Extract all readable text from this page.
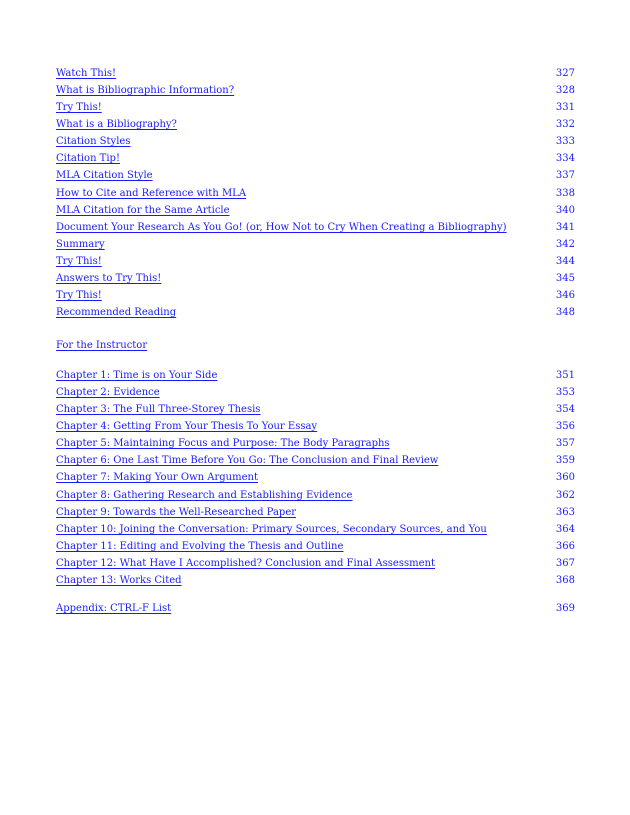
Watch This!	327
What is Bibliographic Information?	328
Try This!	331
What is a Bibliography?	332
Citation Styles	333
Citation Tip!	334
MLA Citation Style	337
How to Cite and Reference with MLA	338
MLA Citation for the Same Article	340
Document Your Research As You Go! (or, How Not to Cry When Creating a Bibliography)	341
Summary	342
Try This!	344
Answers to Try This!	345
Try This!	346
Recommended Reading	348
For the Instructor
Chapter 1: Time is on Your Side	351
Chapter 2: Evidence	353
Chapter 3: The Full Three-Storey Thesis	354
Chapter 4: Getting From Your Thesis To Your Essay	356
Chapter 5: Maintaining Focus and Purpose: The Body Paragraphs	357
Chapter 6: One Last Time Before You Go: The Conclusion and Final Review	359
Chapter 7: Making Your Own Argument	360
Chapter 8: Gathering Research and Establishing Evidence	362
Chapter 9: Towards the Well-Researched Paper	363
Chapter 10: Joining the Conversation: Primary Sources, Secondary Sources, and You	364
Chapter 11: Editing and Evolving the Thesis and Outline	366
Chapter 12: What Have I Accomplished? Conclusion and Final Assessment	367
Chapter 13: Works Cited	368
Appendix: CTRL-F List	369
